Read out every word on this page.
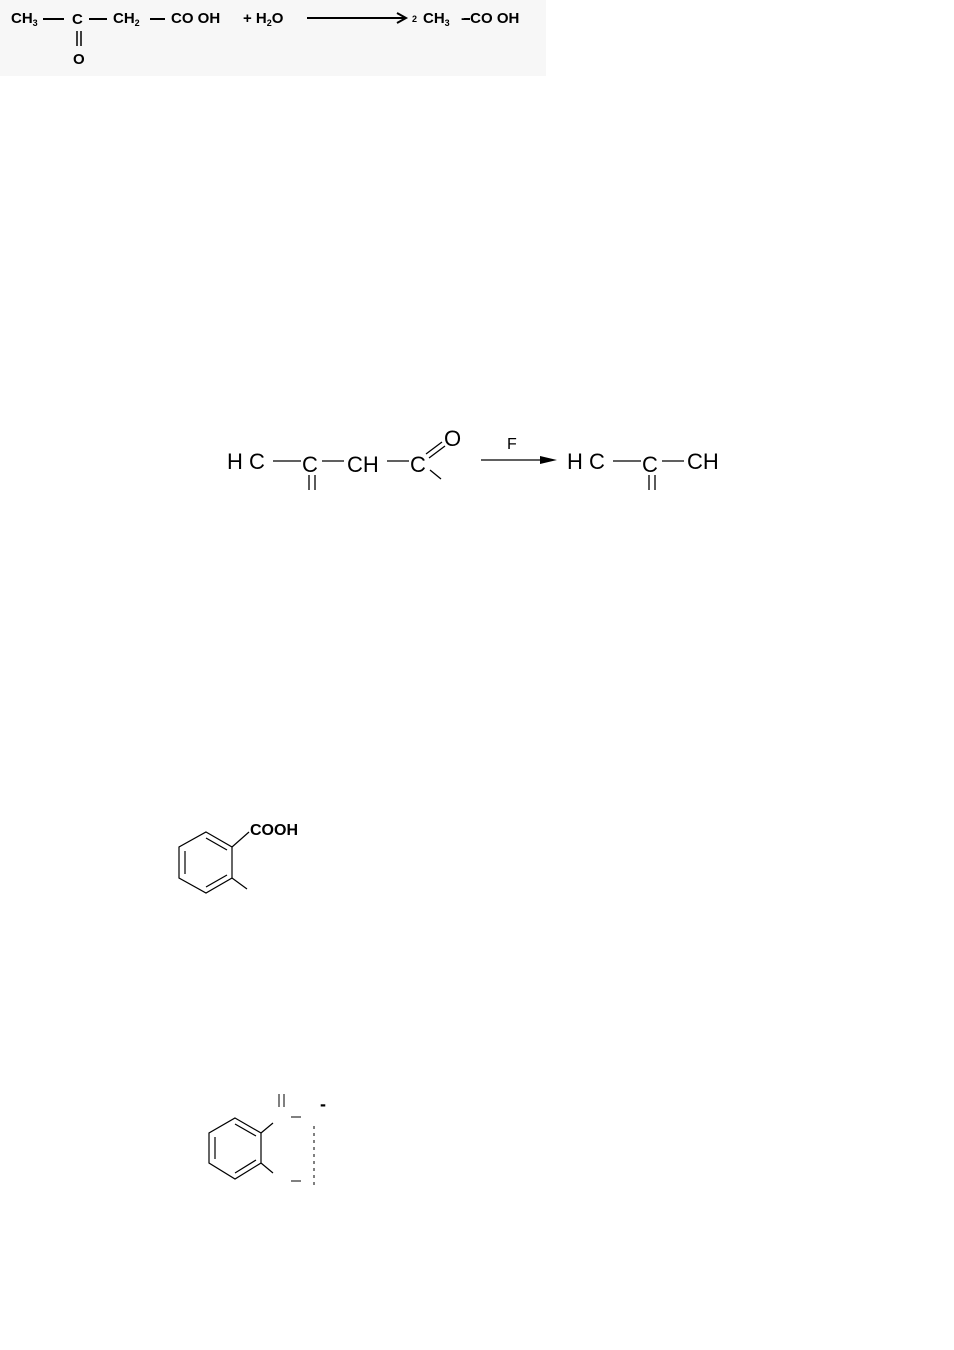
$CH_3$ C
O
$CH_2$ CO OH + $H_2O$	2 $CH_3$ - CO OH
H C C CH C
O	F
H C C CH
COOH
-
